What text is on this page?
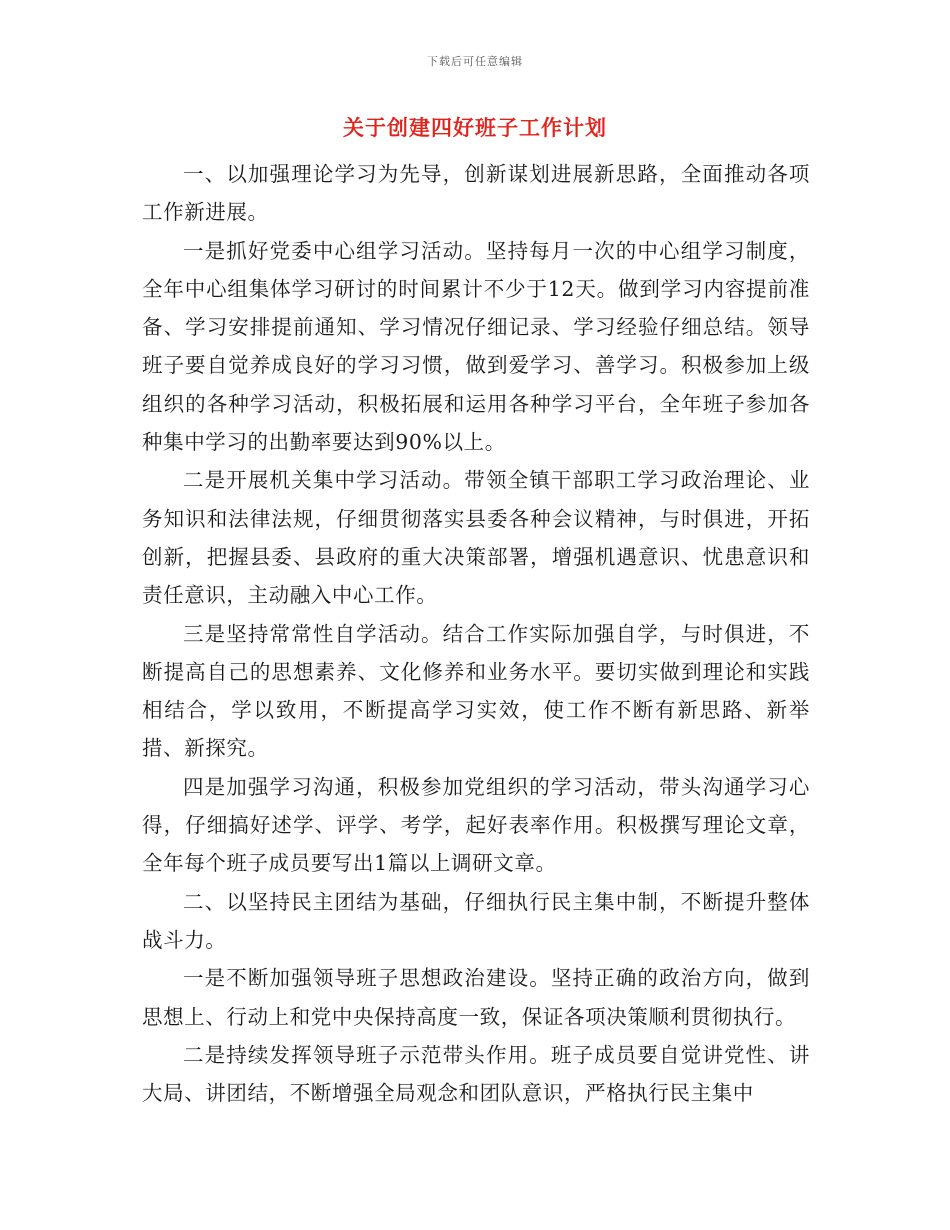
下载后可任意编辑
关于创建四好班子工作计划

一、以加强理论学习为先导，创新谋划进展新思路，全面推动各项工作新进展。

一是抓好党委中心组学习活动。坚持每月一次的中心组学习制度，全年中心组集体学习研讨的时间累计不少于12天。做到学习内容提前准备、学习安排提前通知、学习情况仔细记录、学习经验仔细总结。领导班子要自觉养成良好的学习习惯，做到爱学习、善学习。积极参加上级组织的各种学习活动，积极拓展和运用各种学习平台，全年班子参加各种集中学习的出勤率要达到90%以上。

二是开展机关集中学习活动。带领全镇干部职工学习政治理论、业务知识和法律法规，仔细贯彻落实县委各种会议精神，与时俱进，开拓创新，把握县委、县政府的重大决策部署，增强机遇意识、忧患意识和责任意识，主动融入中心工作。

三是坚持常常性自学活动。结合工作实际加强自学，与时俱进，不断提高自己的思想素养、文化修养和业务水平。要切实做到理论和实践相结合，学以致用，不断提高学习实效，使工作不断有新思路、新举措、新探究。

四是加强学习沟通，积极参加党组织的学习活动，带头沟通学习心得，仔细搞好述学、评学、考学，起好表率作用。积极撰写理论文章，全年每个班子成员要写出1篇以上调研文章。

二、以坚持民主团结为基础，仔细执行民主集中制，不断提升整体战斗力。

一是不断加强领导班子思想政治建设。坚持正确的政治方向，做到思想上、行动上和党中央保持高度一致，保证各项决策顺利贯彻执行。

二是持续发挥领导班子示范带头作用。班子成员要自觉讲党性、讲大局、讲团结，不断增强全局观念和团队意识，严格执行民主集中
